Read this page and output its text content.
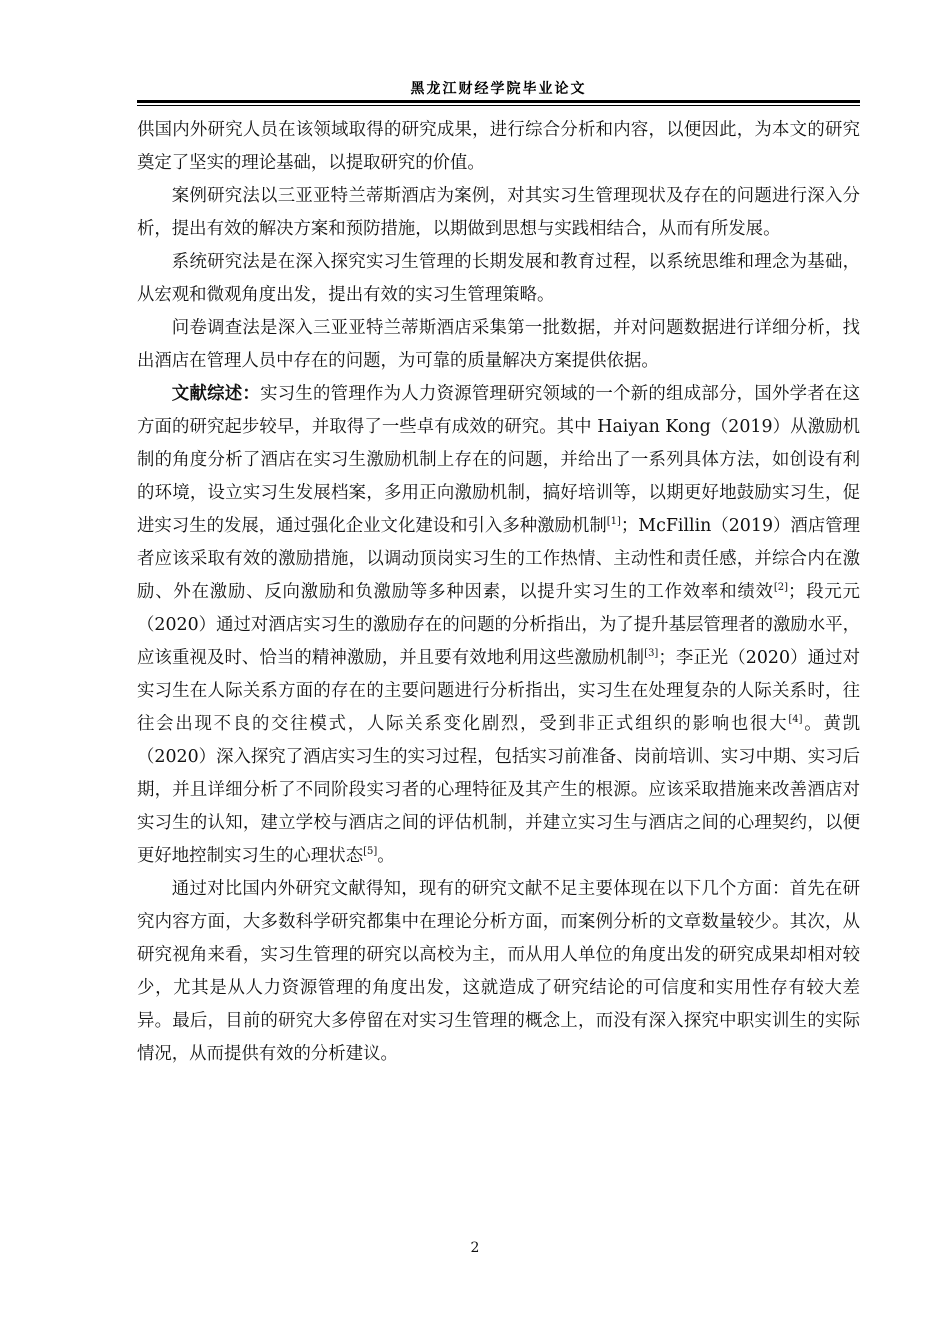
黑龙江财经学院毕业论文

供国内外研究人员在该领域取得的研究成果，进行综合分析和内容，以便因此，为本文的研究奠定了坚实的理论基础，以提取研究的价值。

案例研究法以三亚亚特兰蒂斯酒店为案例，对其实习生管理现状及存在的问题进行深入分析，提出有效的解决方案和预防措施，以期做到思想与实践相结合，从而有所发展。

系统研究法是在深入探究实习生管理的长期发展和教育过程，以系统思维和理念为基础，从宏观和微观角度出发，提出有效的实习生管理策略。

问卷调查法是深入三亚亚特兰蒂斯酒店采集第一批数据，并对问题数据进行详细分析，找出酒店在管理人员中存在的问题，为可靠的质量解决方案提供依据。

文献综述：实习生的管理作为人力资源管理研究领域的一个新的组成部分，国外学者在这方面的研究起步较早，并取得了一些卓有成效的研究。其中 Haiyan Kong（2019）从激励机制的角度分析了酒店在实习生激励机制上存在的问题，并给出了一系列具体方法，如创设有利的环境，设立实习生发展档案，多用正向激励机制，搞好培训等，以期更好地鼓励实习生，促进实习生的发展，通过强化企业文化建设和引入多种激励机制[1]；McFillin（2019）酒店管理者应该采取有效的激励措施，以调动顶岗实习生的工作热情、主动性和责任感，并综合内在激励、外在激励、反向激励和负激励等多种因素，以提升实习生的工作效率和绩效[2]；段元元（2020）通过对酒店实习生的激励存在的问题的分析指出，为了提升基层管理者的激励水平，应该重视及时、恰当的精神激励，并且要有效地利用这些激励机制[3]；李正光（2020）通过对实习生在人际关系方面的存在的主要问题进行分析指出，实习生在处理复杂的人际关系时，往往会出现不良的交往模式，人际关系变化剧烈，受到非正式组织的影响也很大[4]。黄凯（2020）深入探究了酒店实习生的实习过程，包括实习前准备、岗前培训、实习中期、实习后期，并且详细分析了不同阶段实习者的心理特征及其产生的根源。应该采取措施来改善酒店对实习生的认知，建立学校与酒店之间的评估机制，并建立实习生与酒店之间的心理契约，以便更好地控制实习生的心理状态[5]。

通过对比国内外研究文献得知，现有的研究文献不足主要体现在以下几个方面：首先在研究内容方面，大多数科学研究都集中在理论分析方面，而案例分析的文章数量较少。其次，从研究视角来看，实习生管理的研究以高校为主，而从用人单位的角度出发的研究成果却相对较少，尤其是从人力资源管理的角度出发，这就造成了研究结论的可信度和实用性存有较大差异。最后，目前的研究大多停留在对实习生管理的概念上，而没有深入探究中职实训生的实际情况，从而提供有效的分析建议。

2
